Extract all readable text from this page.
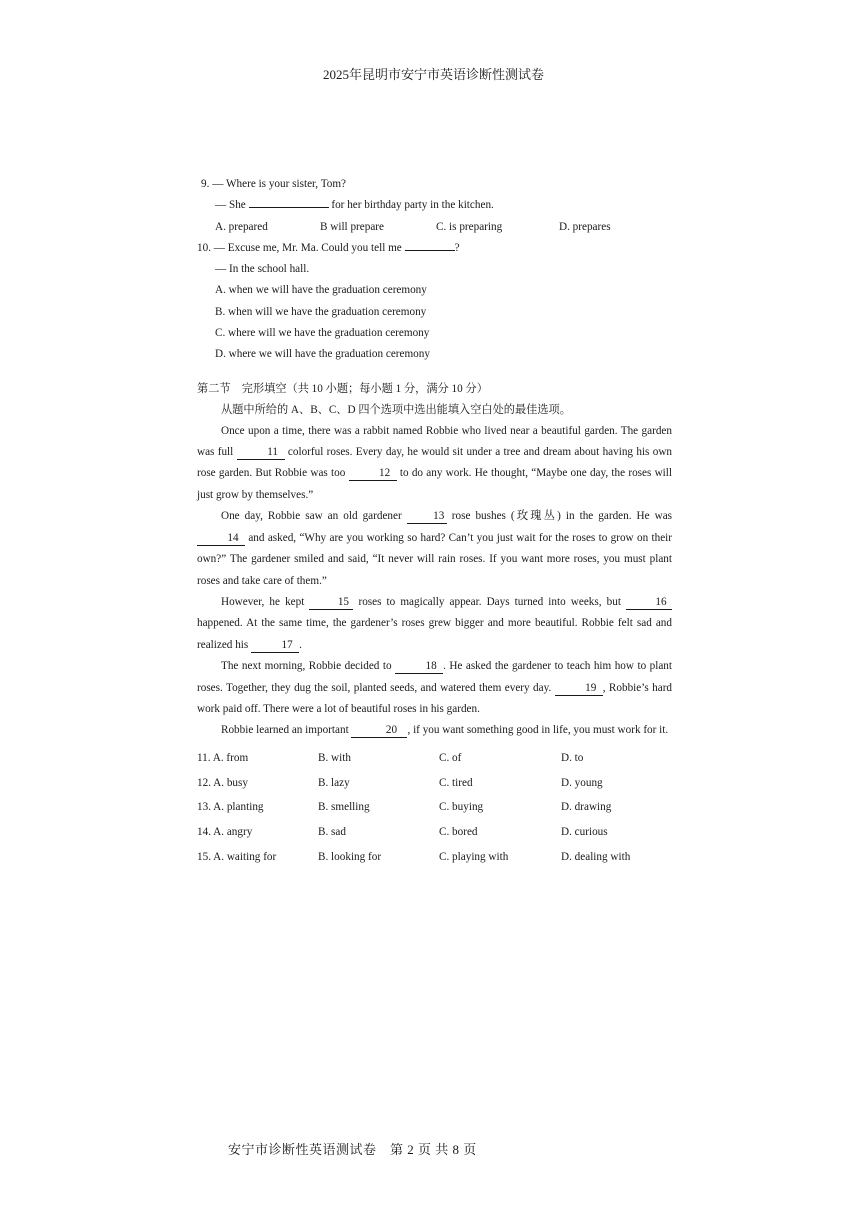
2025年昆明市安宁市英语诊断性测试卷
9. — Where is your sister, Tom?
— She	for her birthday party in the kitchen.
A. prepared	B will prepare	C. is preparing	D. prepares
10. — Excuse me, Mr. Ma. Could you tell me	?
— In the school hall.
A. when we will have the graduation ceremony
B. when will we have the graduation ceremony
C. where will we have the graduation ceremony
D. where we will have the graduation ceremony
第二节　完形填空（共 10 小题；每小题 1 分，满分 10 分）
从题中所给的 A、B、C、D 四个选项中选出能填入空白处的最佳选项。

Once upon a time, there was a rabbit named Robbie who lived near a beautiful garden. The garden was full	11 colorful roses. Every day, he would sit under a tree and dream about having his own rose garden. But Robbie was too	12 to do any work. He thought, “Maybe one day, the roses will just grow by themselves.”

One day, Robbie saw an old gardener	13 rose bushes (玫瑰丛) in the garden. He was 14 and asked, “Why are you working so hard? Can’t you just wait for the roses to grow on their own?” The gardener smiled and said, “It never will rain roses. If you want more roses, you must plant roses and take care of them.”

However, he kept	15 roses to magically appear. Days turned into weeks, but	16 happened. At the same time, the gardener’s roses grew bigger and more beautiful. Robbie felt sad and realized his	17 .

The next morning, Robbie decided to	18 . He asked the gardener to teach him how to plant roses. Together, they dug the soil, planted seeds, and watered them every day.	19 , Robbie’s hard work paid off. There were a lot of beautiful roses in his garden.

Robbie learned an important	20 , if you want something good in life, you must work for it.

11. A. from	B. with	C. of	D. to
12. A. busy	B. lazy	C. tired	D. young
13. A. planting	B. smelling	C. buying	D. drawing
14. A. angry	B. sad	C. bored	D. curious
15. A. waiting for	B. looking for	C. playing with	D. dealing with
安宁市诊断性英语测试卷　第 2 页 共 8 页
